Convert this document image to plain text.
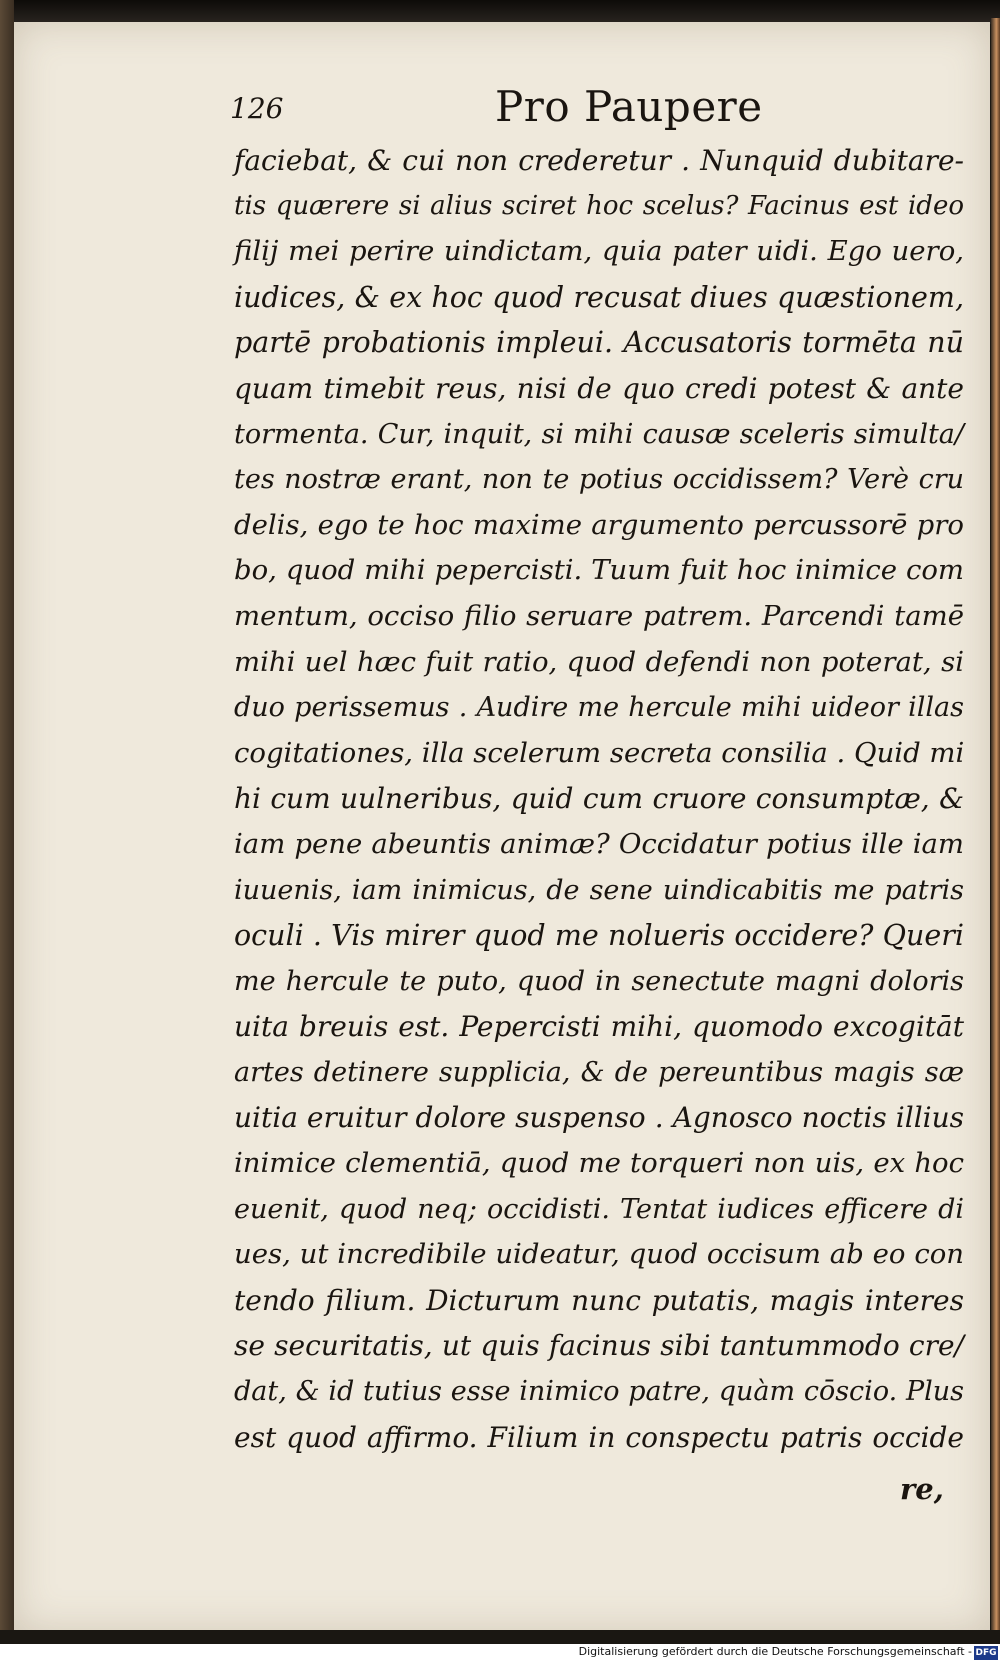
126	Pro Paupere
faciebat, & cui non crederetur . Nunquid dubitare-
tis quærere si alius sciret hoc scelus? Facinus est ideo
filij mei perire uindictam, quia pater uidi. Ego uero,
iudices, & ex hoc quod recusat diues quæstionem,
partē probationis impleui. Accusatoris tormēta nū
quam timebit reus, nisi de quo credi potest & ante
tormenta. Cur, inquit, si mihi causæ sceleris simulta/
tes nostræ erant, non te potius occidissem? Verè cru
delis, ego te hoc maxime argumento percussorē pro
bo, quod mihi pepercisti. Tuum fuit hoc inimice com
mentum, occiso filio seruare patrem. Parcendi tamē
mihi uel hæc fuit ratio, quod defendi non poterat, si
duo perissemus . Audire me hercule mihi uideor illas
cogitationes, illa scelerum secreta consilia . Quid mi
hi cum uulneribus, quid cum cruore consumptæ, &
iam pene abeuntis animæ? Occidatur potius ille iam
iuuenis, iam inimicus, de sene uindicabitis me patris
oculi . Vis mirer quod me nolueris occidere? Queri
me hercule te puto, quod in senectute magni doloris
uita breuis est. Pepercisti mihi, quomodo excogitāt
artes detinere supplicia, & de pereuntibus magis sæ
uitia eruitur dolore suspenso . Agnosco noctis illius
inimice clementiā, quod me torqueri non uis, ex hoc
euenit, quod neq; occidisti. Tentat iudices efficere di
ues, ut incredibile uideatur, quod occisum ab eo con
tendo filium. Dicturum nunc putatis, magis interes
se securitatis, ut quis facinus sibi tantummodo cre/
dat, & id tutius esse inimico patre, quàm cōscio. Plus
est quod affirmo. Filium in conspectu patris occide
re,
Digitalisierung gefördert durch die Deutsche Forschungsgemeinschaft - DFG
